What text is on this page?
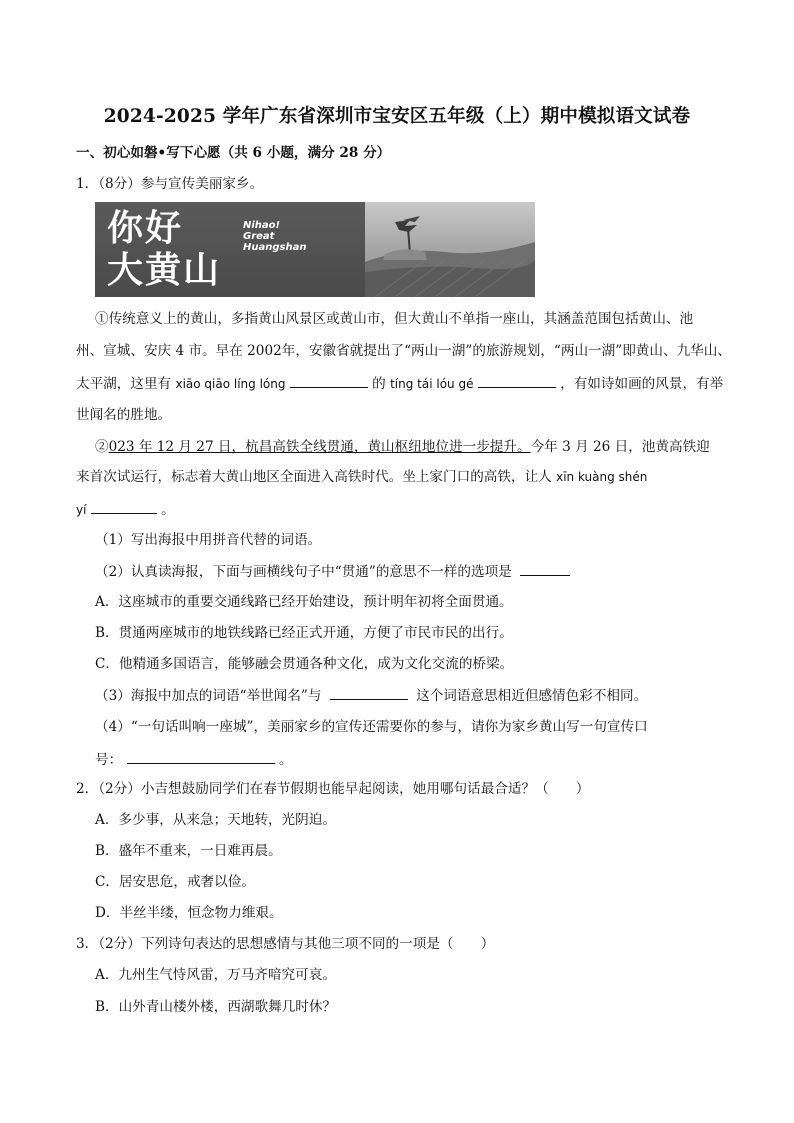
2024-2025 学年广东省深圳市宝安区五年级（上）期中模拟语文试卷
一、初心如磐•写下心愿（共 6 小题，满分 28 分）
1．（8分）参与宣传美丽家乡。
你好
大黄山
Nihao!
Great
Huangshan
①传统意义上的黄山，多指黄山风景区或黄山市，但大黄山不单指一座山，其涵盖范围包括黄山、池
州、宣城、安庆 4 市。早在 2002年，安徽省就提出了“两山一湖”的旅游规划，“两山一湖”即黄山、九华山、
太平湖，这里有 xiāo qiāo líng lóng	的 tíng tái lóu gé	，有如诗如画的风景，有举
世闻名的胜地。
②023 年 12 月 27 日，杭昌高铁全线贯通，黄山枢纽地位进一步提升。今年 3 月 26 日，池黄高铁迎
来首次试运行，标志着大黄山地区全面进入高铁时代。坐上家门口的高铁，让人 xīn kuàng shén
yí	。
（1）写出海报中用拼音代替的词语。
（2）认真读海报，下面与画横线句子中“贯通”的意思不一样的选项是
A．这座城市的重要交通线路已经开始建设，预计明年初将全面贯通。
B．贯通两座城市的地铁线路已经正式开通，方便了市民市民的出行。
C．他精通多国语言，能够融会贯通各种文化，成为文化交流的桥梁。
（3）海报中加点的词语“举世闻名”与	这个词语意思相近但感情色彩不相同。
（4）“一句话叫响一座城”，美丽家乡的宣传还需要你的参与，请你为家乡黄山写一句宣传口
号：	。
2．（2分）小吉想鼓励同学们在春节假期也能早起阅读，她用哪句话最合适？（　　）
A．多少事，从来急；天地转，光阴迫。
B．盛年不重来，一日难再晨。
C．居安思危，戒奢以俭。
D．半丝半缕，恒念物力维艰。
3．（2分）下列诗句表达的思想感情与其他三项不同的一项是（　　）
A．九州生气恃风雷，万马齐喑究可哀。
B．山外青山楼外楼，西湖歌舞几时休？
